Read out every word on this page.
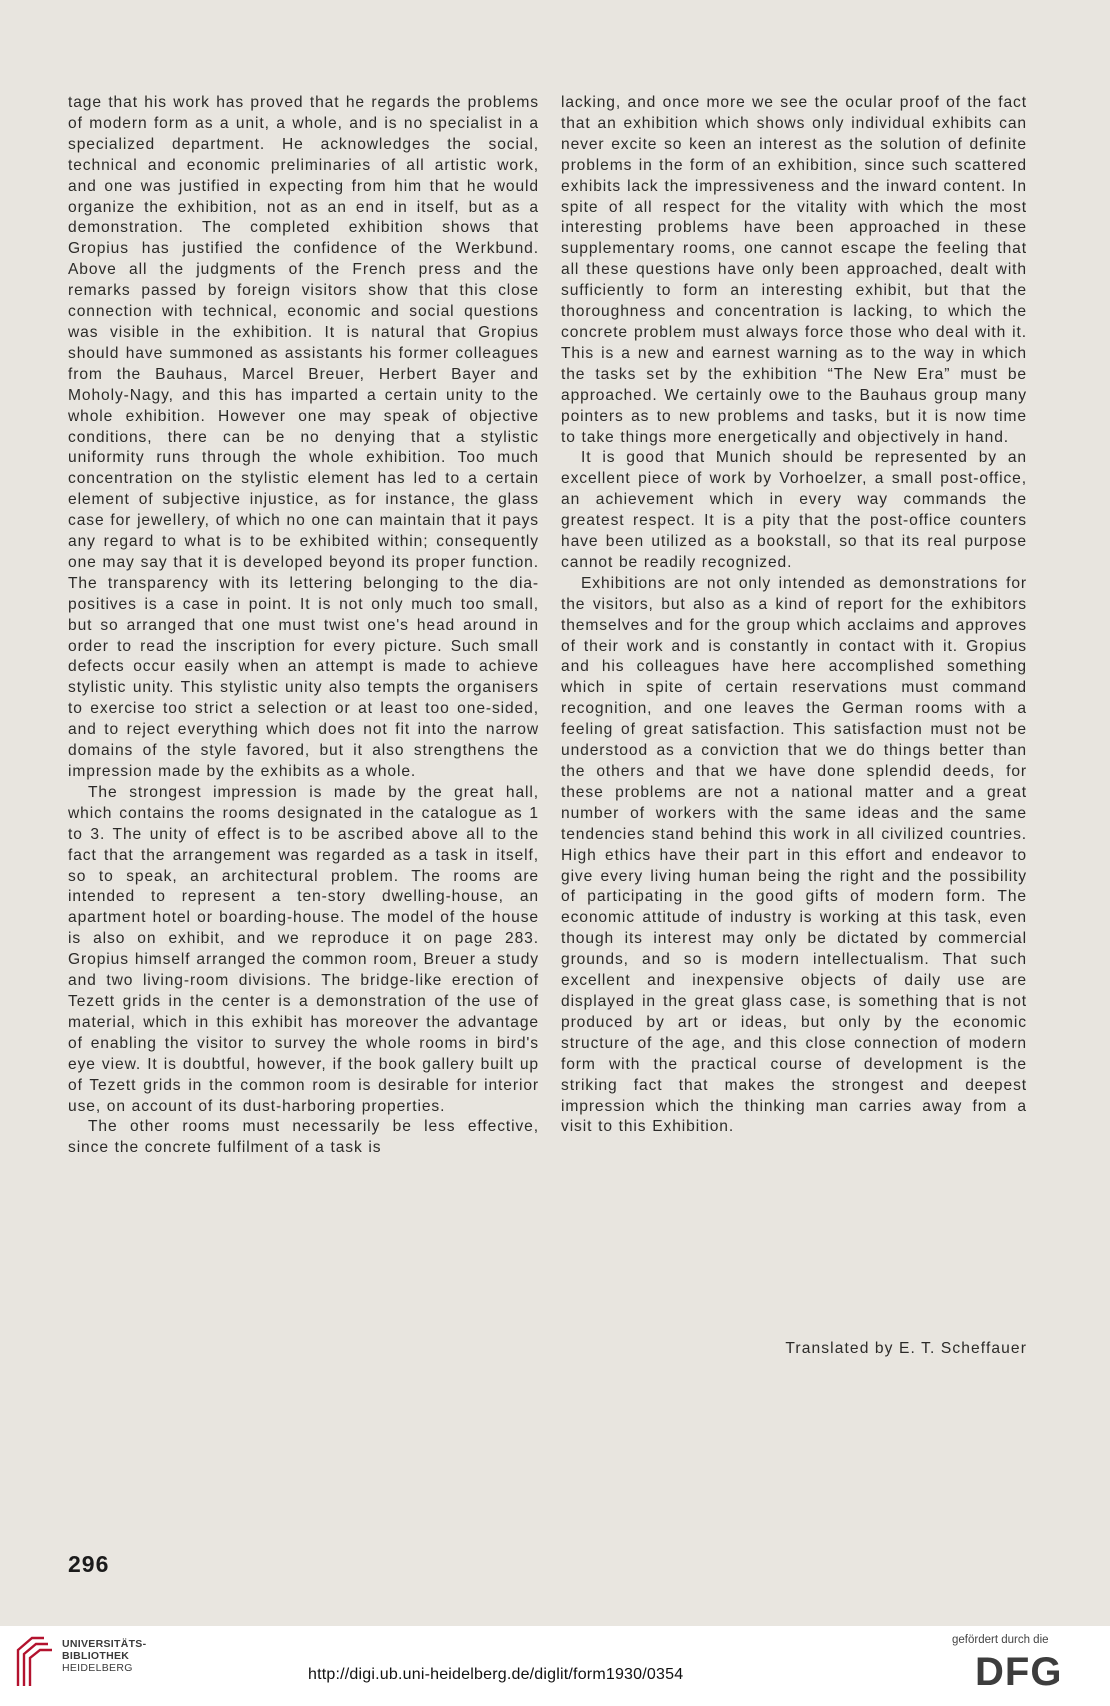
tage that his work has proved that he regards the problems of modern form as a unit, a whole, and is no specialist in a specialized department. He acknowledges the social, technical and economic preliminaries of all artistic work, and one was justified in expecting from him that he would organize the exhibition, not as an end in itself, but as a demonstration. The completed exhibition shows that Gropius has justified the confidence of the Werkbund. Above all the judgments of the French press and the remarks passed by foreign visitors show that this close connection with technical, economic and social questions was visible in the exhibition. It is natural that Gropius should have summoned as assistants his former colleagues from the Bauhaus, Marcel Breuer, Herbert Bayer and Moholy-Nagy, and this has imparted a certain unity to the whole exhibition. However one may speak of objective conditions, there can be no denying that a stylistic uniformity runs through the whole exhibition. Too much concentration on the stylistic element has led to a certain element of subjective injustice, as for instance, the glass case for jewellery, of which no one can maintain that it pays any regard to what is to be exhibited within; consequently one may say that it is developed beyond its proper function. The transparency with its lettering belonging to the dia-positives is a case in point. It is not only much too small, but so arranged that one must twist one's head around in order to read the inscription for every picture. Such small defects occur easily when an attempt is made to achieve stylistic unity. This stylistic unity also tempts the organisers to exercise too strict a selection or at least too one-sided, and to reject everything which does not fit into the narrow domains of the style favored, but it also strengthens the impression made by the exhibits as a whole.

The strongest impression is made by the great hall, which contains the rooms designated in the catalogue as 1 to 3. The unity of effect is to be ascribed above all to the fact that the arrangement was regarded as a task in itself, so to speak, an architectural problem. The rooms are intended to represent a ten-story dwelling-house, an apartment hotel or boarding-house. The model of the house is also on exhibit, and we reproduce it on page 283. Gropius himself arranged the common room, Breuer a study and two living-room divisions. The bridge-like erection of Tezett grids in the center is a demonstration of the use of material, which in this exhibit has moreover the advantage of enabling the visitor to survey the whole rooms in bird's eye view. It is doubtful, however, if the book gallery built up of Tezett grids in the common room is desirable for interior use, on account of its dust-harboring properties.

The other rooms must necessarily be less effective, since the concrete fulfilment of a task is

lacking, and once more we see the ocular proof of the fact that an exhibition which shows only individual exhibits can never excite so keen an interest as the solution of definite problems in the form of an exhibition, since such scattered exhibits lack the impressiveness and the inward content. In spite of all respect for the vitality with which the most interesting problems have been approached in these supplementary rooms, one cannot escape the feeling that all these questions have only been approached, dealt with sufficiently to form an interesting exhibit, but that the thoroughness and concentration is lacking, to which the concrete problem must always force those who deal with it. This is a new and earnest warning as to the way in which the tasks set by the exhibition “The New Era” must be approached. We certainly owe to the Bauhaus group many pointers as to new problems and tasks, but it is now time to take things more energetically and objectively in hand.

It is good that Munich should be represented by an excellent piece of work by Vorhoelzer, a small post-office, an achievement which in every way commands the greatest respect. It is a pity that the post-office counters have been utilized as a bookstall, so that its real purpose cannot be readily recognized.

Exhibitions are not only intended as demonstrations for the visitors, but also as a kind of report for the exhibitors themselves and for the group which acclaims and approves of their work and is constantly in contact with it. Gropius and his colleagues have here accomplished something which in spite of certain reservations must command recognition, and one leaves the German rooms with a feeling of great satisfaction. This satisfaction must not be understood as a conviction that we do things better than the others and that we have done splendid deeds, for these problems are not a national matter and a great number of workers with the same ideas and the same tendencies stand behind this work in all civilized countries. High ethics have their part in this effort and endeavor to give every living human being the right and the possibility of participating in the good gifts of modern form. The economic attitude of industry is working at this task, even though its interest may only be dictated by commercial grounds, and so is modern intellectualism. That such excellent and inexpensive objects of daily use are displayed in the great glass case, is something that is not produced by art or ideas, but only by the economic structure of the age, and this close connection of modern form with the practical course of development is the striking fact that makes the strongest and deepest impression which the thinking man carries away from a visit to this Exhibition.

Translated by E. T. Scheffauer
296
UNIVERSITÄTS-
BIBLIOTHEK
HEIDELBERG	http://digi.ub.uni-heidelberg.de/diglit/form1930/0354
gefördert durch die
DFG
